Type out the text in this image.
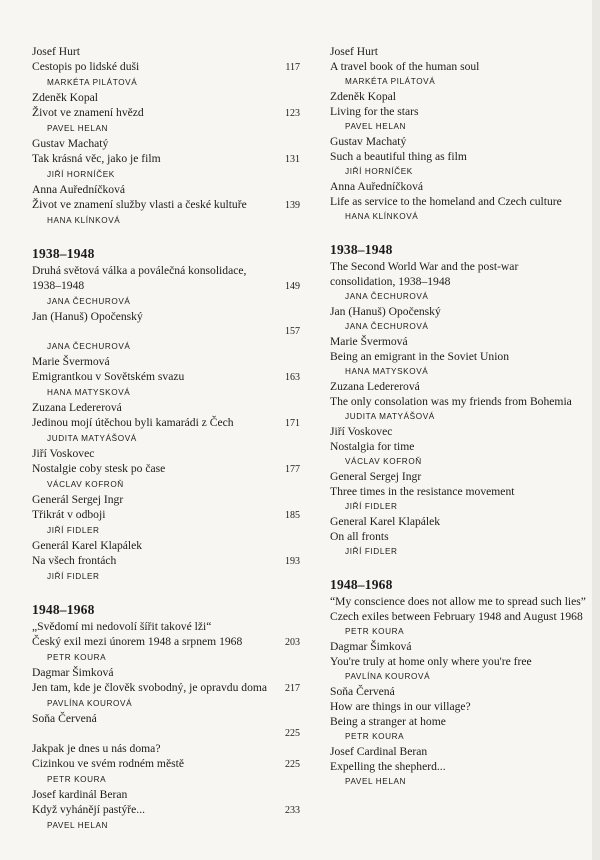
Josef Hurt
Cestopis po lidské duši	117
MARKÉTA PILÁTOVÁ
Zdeněk Kopal
Život ve znamení hvězd	123
PAVEL HELAN
Gustav Machatý
Tak krásná věc, jako je film	131
JIŘÍ HORNÍČEK
Anna Auředníčková
Život ve znamení služby vlasti a české kultuře	139
HANA KLÍNKOVÁ
1938–1948
Druhá světová válka a poválečná konsolidace,
1938–1948	149
JANA ČECHUROVÁ
Jan (Hanuš) Opočenský
157
JANA ČECHUROVÁ
Marie Švermová
Emigrantkou v Sovětském svazu	163
HANA MATYSKOVÁ
Zuzana Ledererová
Jedinou mojí útěchou byli kamarádi z Čech	171
JUDITA MATYÁŠOVÁ
Jiří Voskovec
Nostalgie coby stesk po čase	177
VÁCLAV KOFROŇ
Generál Sergej Ingr
Třikrát v odboji	185
JIŘÍ FIDLER
Generál Karel Klapálek
Na všech frontách	193
JIŘÍ FIDLER
1948–1968
„Svědomí mi nedovolí šířit takové lži“
Český exil mezi únorem 1948 a srpnem 1968	203
PETR KOURA
Dagmar Šimková
Jen tam, kde je člověk svobodný, je opravdu doma	217
PAVLÍNA KOUROVÁ
Soňa Červená
225
Jakpak je dnes u nás doma?
Cizinkou ve svém rodném městě	225
PETR KOURA
Josef kardinál Beran
Když vyhánějí pastýře...	233
PAVEL HELAN
Josef Hurt
A travel book of the human soul
MARKÉTA PILÁTOVÁ
Zdeněk Kopal
Living for the stars
PAVEL HELAN
Gustav Machatý
Such a beautiful thing as film
JIŘÍ HORNÍČEK
Anna Auředníčková
Life as service to the homeland and Czech culture
HANA KLÍNKOVÁ
1938–1948
The Second World War and the post-war
consolidation, 1938–1948
JANA ČECHUROVÁ
Jan (Hanuš) Opočenský
JANA ČECHUROVÁ
Marie Švermová
Being an emigrant in the Soviet Union
HANA MATYSKOVÁ
Zuzana Ledererová
The only consolation was my friends from Bohemia
JUDITA MATYÁŠOVÁ
Jiří Voskovec
Nostalgia for time
VÁCLAV KOFROŇ
General Sergej Ingr
Three times in the resistance movement
JIŘÍ FIDLER
General Karel Klapálek
On all fronts
JIŘÍ FIDLER
1948–1968
“My conscience does not allow me to spread such lies”
Czech exiles between February 1948 and August 1968
PETR KOURA
Dagmar Šimková
You're truly at home only where you're free
PAVLÍNA KOUROVÁ
Soňa Červená
How are things in our village?
Being a stranger at home
PETR KOURA
Josef Cardinal Beran
Expelling the shepherd...
PAVEL HELAN
